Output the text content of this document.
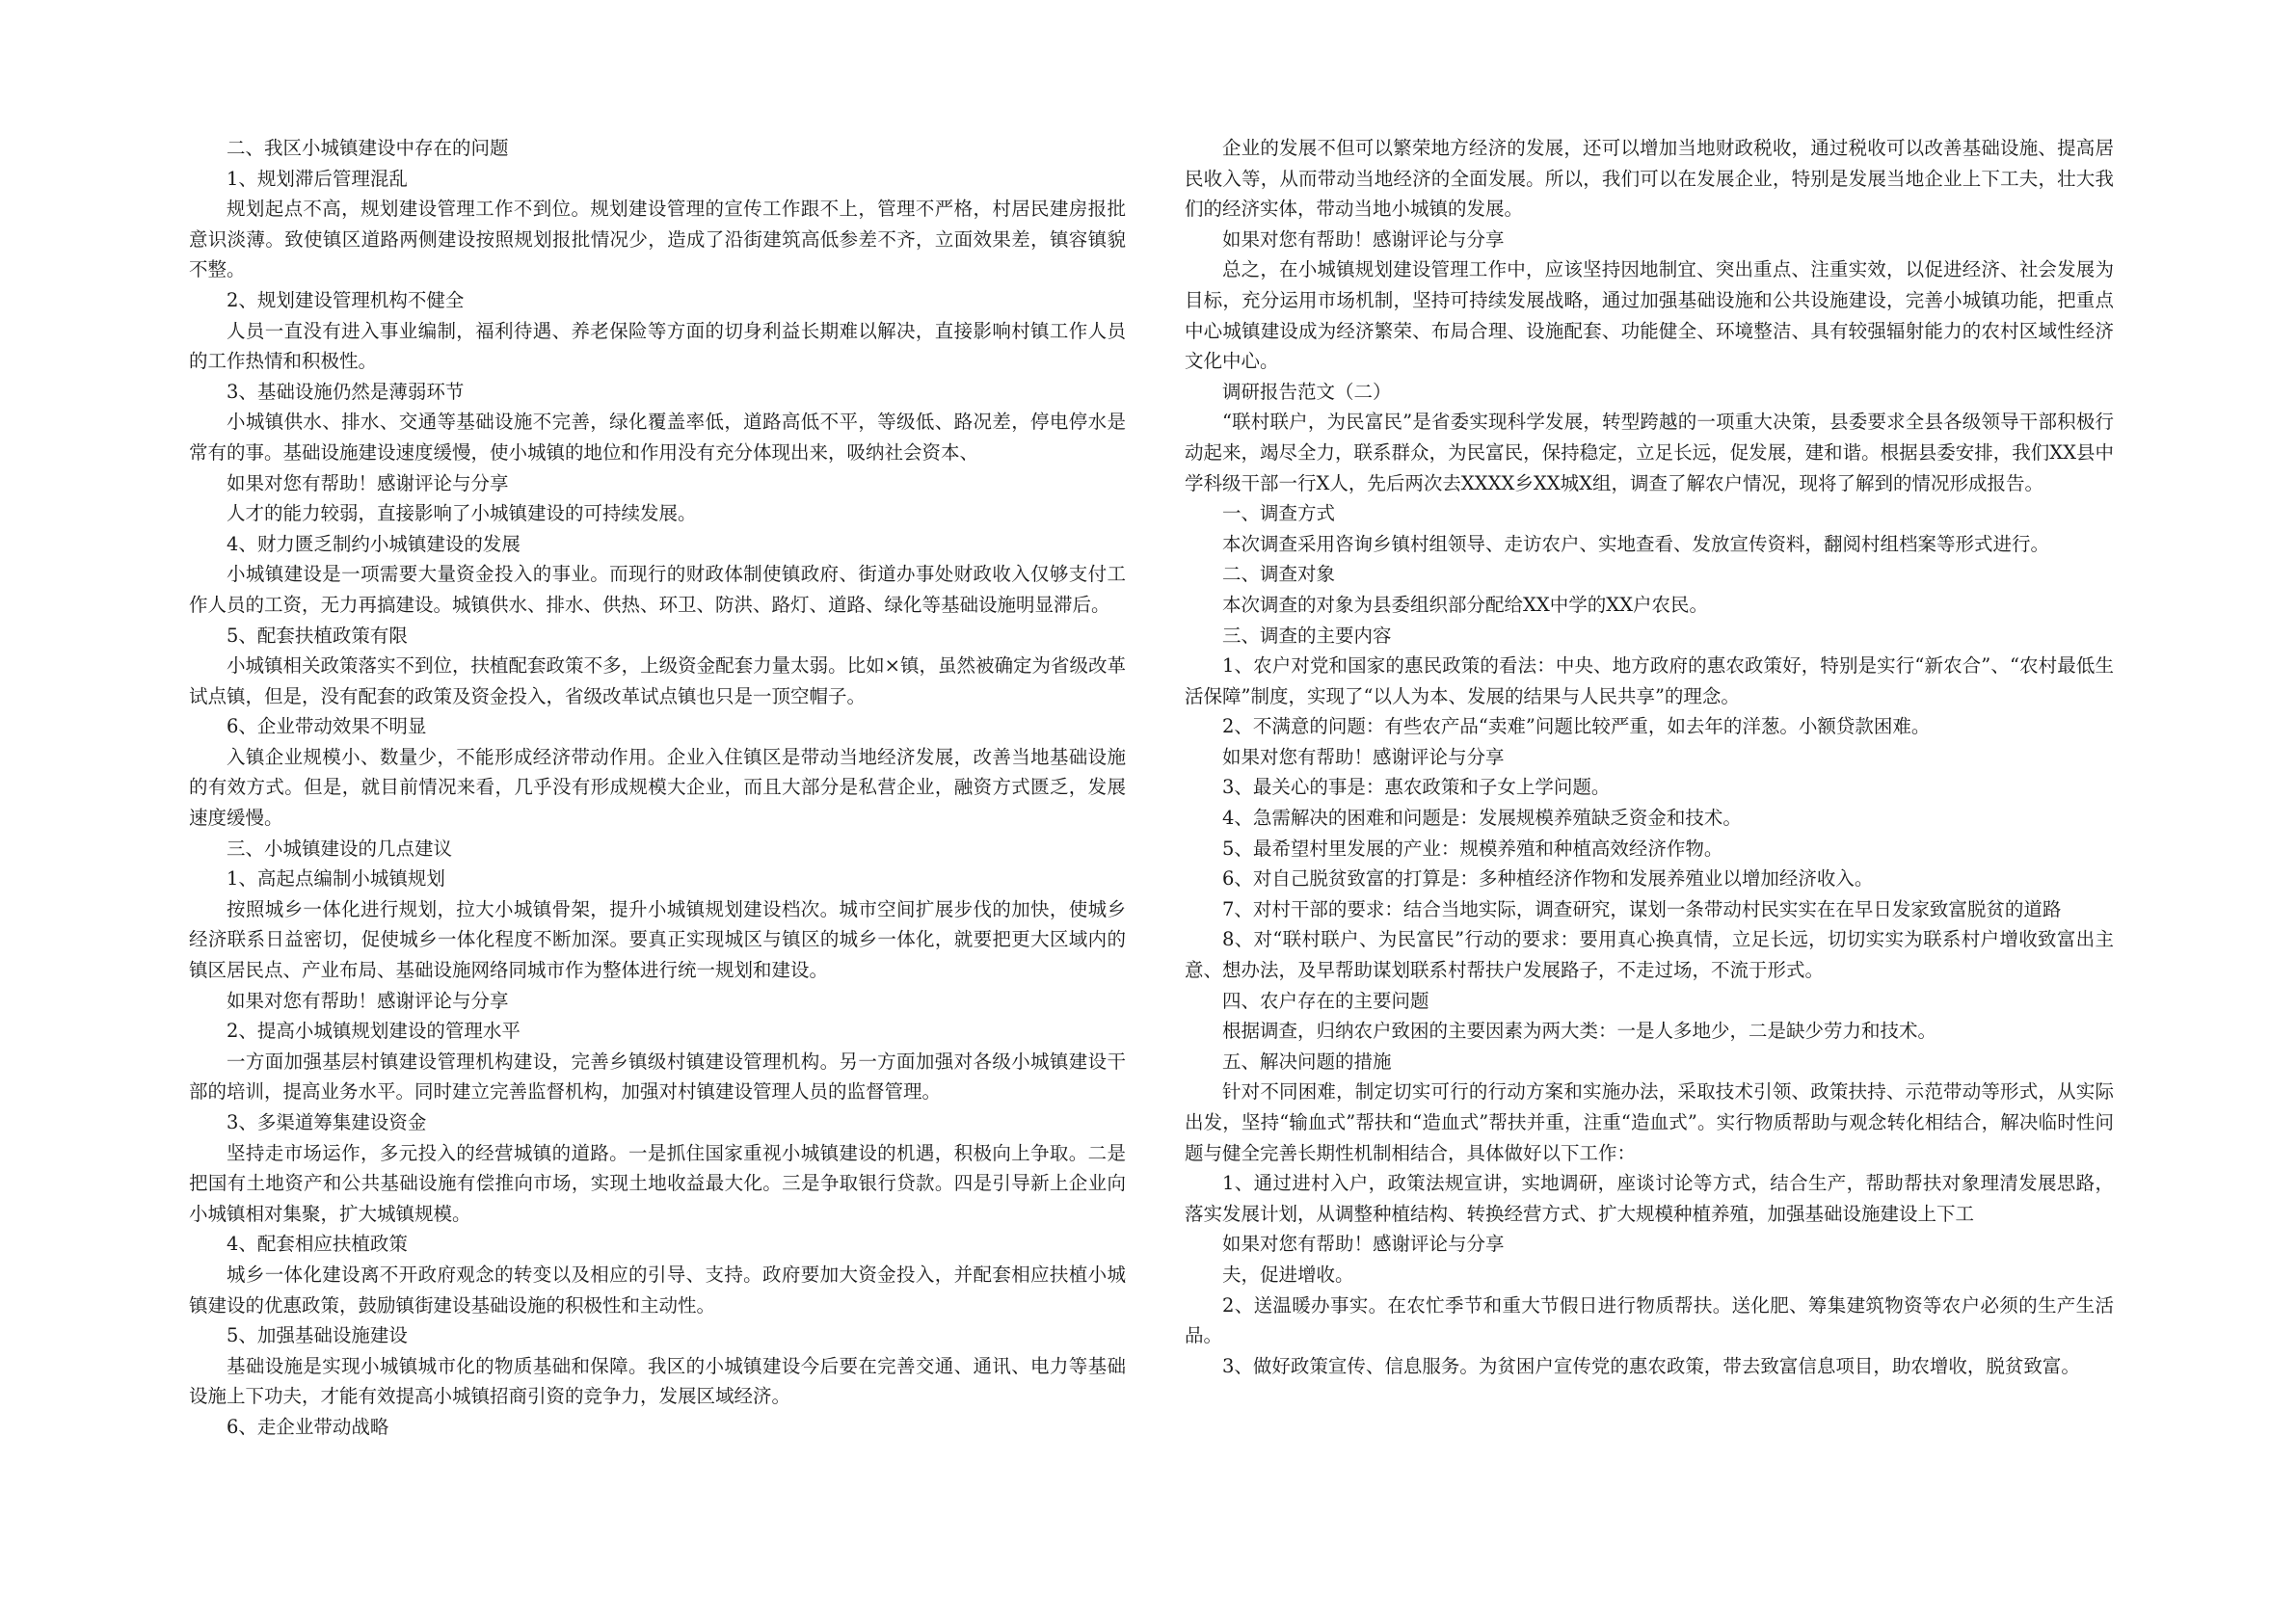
二、我区小城镇建设中存在的问题

1、规划滞后管理混乱

规划起点不高，规划建设管理工作不到位。规划建设管理的宣传工作跟不上，管理不严格，村居民建房报批意识淡薄。致使镇区道路两侧建设按照规划报批情况少，造成了沿街建筑高低参差不齐，立面效果差，镇容镇貌不整。

2、规划建设管理机构不健全

人员一直没有进入事业编制，福利待遇、养老保险等方面的切身利益长期难以解决，直接影响村镇工作人员的工作热情和积极性。

3、基础设施仍然是薄弱环节

小城镇供水、排水、交通等基础设施不完善，绿化覆盖率低，道路高低不平，等级低、路况差，停电停水是常有的事。基础设施建设速度缓慢，使小城镇的地位和作用没有充分体现出来，吸纳社会资本、

如果对您有帮助！感谢评论与分享

人才的能力较弱，直接影响了小城镇建设的可持续发展。

4、财力匮乏制约小城镇建设的发展

小城镇建设是一项需要大量资金投入的事业。而现行的财政体制使镇政府、街道办事处财政收入仅够支付工作人员的工资，无力再搞建设。城镇供水、排水、供热、环卫、防洪、路灯、道路、绿化等基础设施明显滞后。

5、配套扶植政策有限

小城镇相关政策落实不到位，扶植配套政策不多，上级资金配套力量太弱。比如×镇，虽然被确定为省级改革试点镇，但是，没有配套的政策及资金投入，省级改革试点镇也只是一顶空帽子。

6、企业带动效果不明显

入镇企业规模小、数量少，不能形成经济带动作用。企业入住镇区是带动当地经济发展，改善当地基础设施的有效方式。但是，就目前情况来看，几乎没有形成规模大企业，而且大部分是私营企业，融资方式匮乏，发展速度缓慢。

三、小城镇建设的几点建议

1、高起点编制小城镇规划

按照城乡一体化进行规划，拉大小城镇骨架，提升小城镇规划建设档次。城市空间扩展步伐的加快，使城乡经济联系日益密切，促使城乡一体化程度不断加深。要真正实现城区与镇区的城乡一体化，就要把更大区域内的镇区居民点、产业布局、基础设施网络同城市作为整体进行统一规划和建设。

如果对您有帮助！感谢评论与分享

2、提高小城镇规划建设的管理水平

一方面加强基层村镇建设管理机构建设，完善乡镇级村镇建设管理机构。另一方面加强对各级小城镇建设干部的培训，提高业务水平。同时建立完善监督机构，加强对村镇建设管理人员的监督管理。

3、多渠道筹集建设资金

坚持走市场运作，多元投入的经营城镇的道路。一是抓住国家重视小城镇建设的机遇，积极向上争取。二是把国有土地资产和公共基础设施有偿推向市场，实现土地收益最大化。三是争取银行贷款。四是引导新上企业向小城镇相对集聚，扩大城镇规模。

4、配套相应扶植政策

城乡一体化建设离不开政府观念的转变以及相应的引导、支持。政府要加大资金投入，并配套相应扶植小城镇建设的优惠政策，鼓励镇街建设基础设施的积极性和主动性。

5、加强基础设施建设

基础设施是实现小城镇城市化的物质基础和保障。我区的小城镇建设今后要在完善交通、通讯、电力等基础设施上下功夫，才能有效提高小城镇招商引资的竞争力，发展区域经济。

6、走企业带动战略

企业的发展不但可以繁荣地方经济的发展，还可以增加当地财政税收，通过税收可以改善基础设施、提高居民收入等，从而带动当地经济的全面发展。所以，我们可以在发展企业，特别是发展当地企业上下工夫，壮大我们的经济实体，带动当地小城镇的发展。

如果对您有帮助！感谢评论与分享

总之，在小城镇规划建设管理工作中，应该坚持因地制宜、突出重点、注重实效，以促进经济、社会发展为目标，充分运用市场机制，坚持可持续发展战略，通过加强基础设施和公共设施建设，完善小城镇功能，把重点中心城镇建设成为经济繁荣、布局合理、设施配套、功能健全、环境整洁、具有较强辐射能力的农村区域性经济文化中心。

调研报告范文（二）

“联村联户，为民富民”是省委实现科学发展，转型跨越的一项重大决策，县委要求全县各级领导干部积极行动起来，竭尽全力，联系群众，为民富民，保持稳定，立足长远，促发展，建和谐。根据县委安排，我们XX县中学科级干部一行X人，先后两次去XXXX乡XX城X组，调查了解农户情况，现将了解到的情况形成报告。

一、调查方式

本次调查采用咨询乡镇村组领导、走访农户、实地查看、发放宣传资料，翻阅村组档案等形式进行。

二、调查对象

本次调查的对象为县委组织部分配给XX中学的XX户农民。

三、调查的主要内容

1、农户对党和国家的惠民政策的看法：中央、地方政府的惠农政策好，特别是实行“新农合”、“农村最低生活保障”制度，实现了“以人为本、发展的结果与人民共享”的理念。

2、不满意的问题：有些农产品“卖难”问题比较严重，如去年的洋葱。小额贷款困难。

如果对您有帮助！感谢评论与分享

3、最关心的事是：惠农政策和子女上学问题。

4、急需解决的困难和问题是：发展规模养殖缺乏资金和技术。

5、最希望村里发展的产业：规模养殖和种植高效经济作物。

6、对自己脱贫致富的打算是：多种植经济作物和发展养殖业以增加经济收入。

7、对村干部的要求：结合当地实际，调查研究，谋划一条带动村民实实在在早日发家致富脱贫的道路

8、对“联村联户、为民富民”行动的要求：要用真心换真情，立足长远，切切实实为联系村户增收致富出主意、想办法，及早帮助谋划联系村帮扶户发展路子，不走过场，不流于形式。

四、农户存在的主要问题

根据调查，归纳农户致困的主要因素为两大类：一是人多地少，二是缺少劳力和技术。

五、解决问题的措施

针对不同困难，制定切实可行的行动方案和实施办法，采取技术引领、政策扶持、示范带动等形式，从实际出发，坚持“输血式”帮扶和“造血式”帮扶并重，注重“造血式”。实行物质帮助与观念转化相结合，解决临时性问题与健全完善长期性机制相结合，具体做好以下工作：

1、通过进村入户，政策法规宣讲，实地调研，座谈讨论等方式，结合生产，帮助帮扶对象理清发展思路，落实发展计划，从调整种植结构、转换经营方式、扩大规模种植养殖，加强基础设施建设上下工

如果对您有帮助！感谢评论与分享

夫，促进增收。

2、送温暖办事实。在农忙季节和重大节假日进行物质帮扶。送化肥、筹集建筑物资等农户必须的生产生活品。

3、做好政策宣传、信息服务。为贫困户宣传党的惠农政策，带去致富信息项目，助农增收，脱贫致富。
